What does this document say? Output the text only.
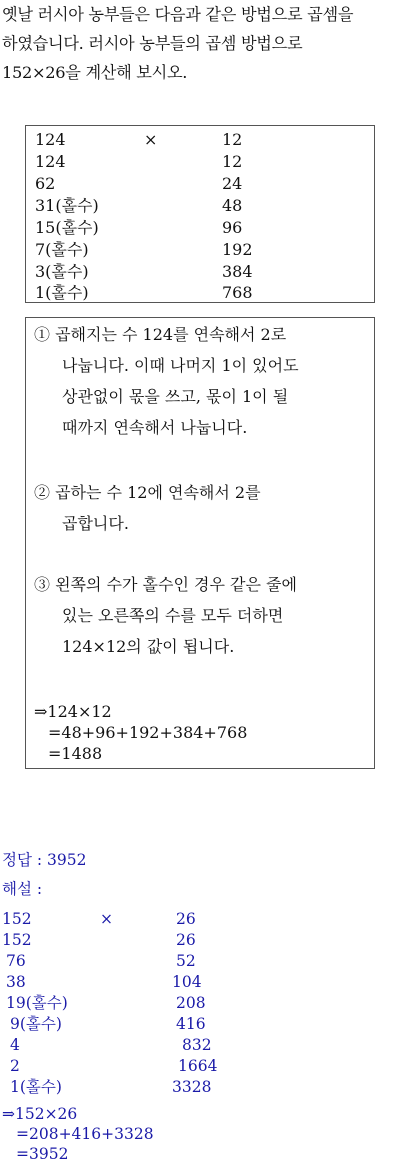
옛날 러시아 농부들은 다음과 같은 방법으로 곱셈을
하였습니다. 러시아 농부들의 곱셈 방법으로
152×26을 계산해 보시오.
124	×	12
124	12
62	24
31(홀수)	48
15(홀수)	96
7(홀수)	192
3(홀수)	384
1(홀수)	768
① 곱해지는 수 124를 연속해서 2로
나눕니다. 이때 나머지 1이 있어도
상관없이 몫을 쓰고, 몫이 1이 될
때까지 연속해서 나눕니다.
② 곱하는 수 12에 연속해서 2를
곱합니다.
③ 왼쪽의 수가 홀수인 경우 같은 줄에
있는 오른쪽의 수를 모두 더하면
124×12의 값이 됩니다.
⇒124×12
=48+96+192+384+768
=1488
정답 : 3952
해설 :
152	×	26
152	26
76	52
38	104
19(홀수)	208
9(홀수)	416
4	832
2	1664
1(홀수)	3328
⇒152×26
=208+416+3328
=3952
